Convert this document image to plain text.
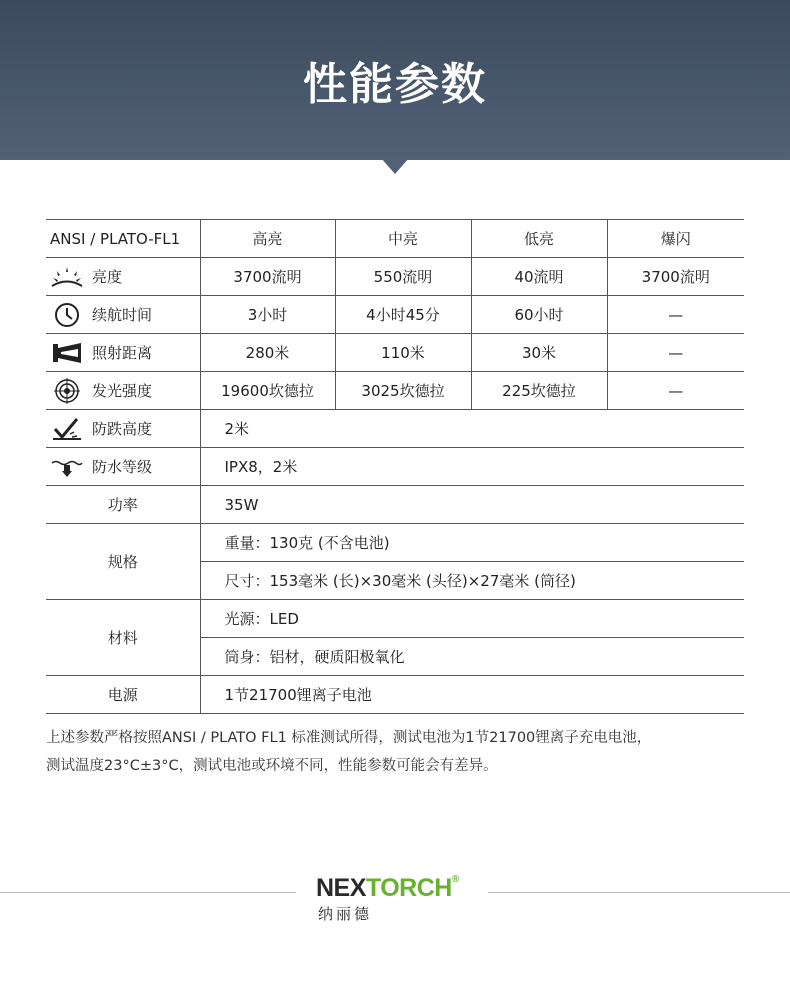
性能参数
ANSI / PLATO-FL1	高亮	中亮	低亮	爆闪

亮度	3700流明	550流明	40流明	3700流明

续航时间	3小时	4小时45分	60小时	—

照射距离	280米	110米	30米	—

发光强度	19600坎德拉	3025坎德拉	225坎德拉	—

防跌高度	2米			

防水等级	IPX8，2米			
功率	35W			
规格	重量：130克 (不含电池)			
	尺寸：153毫米 (长)×30毫米 (头径)×27毫米 (筒径)			
材料	光源：LED			
	筒身：铝材，硬质阳极氧化			
电源	1节21700锂离子电池			
上述参数严格按照ANSI / PLATO FL1 标准测试所得，测试电池为1节21700锂离子充电电池，
测试温度23°C±3°C，测试电池或环境不同，性能参数可能会有差异。
NEXTORCH®
纳丽德
